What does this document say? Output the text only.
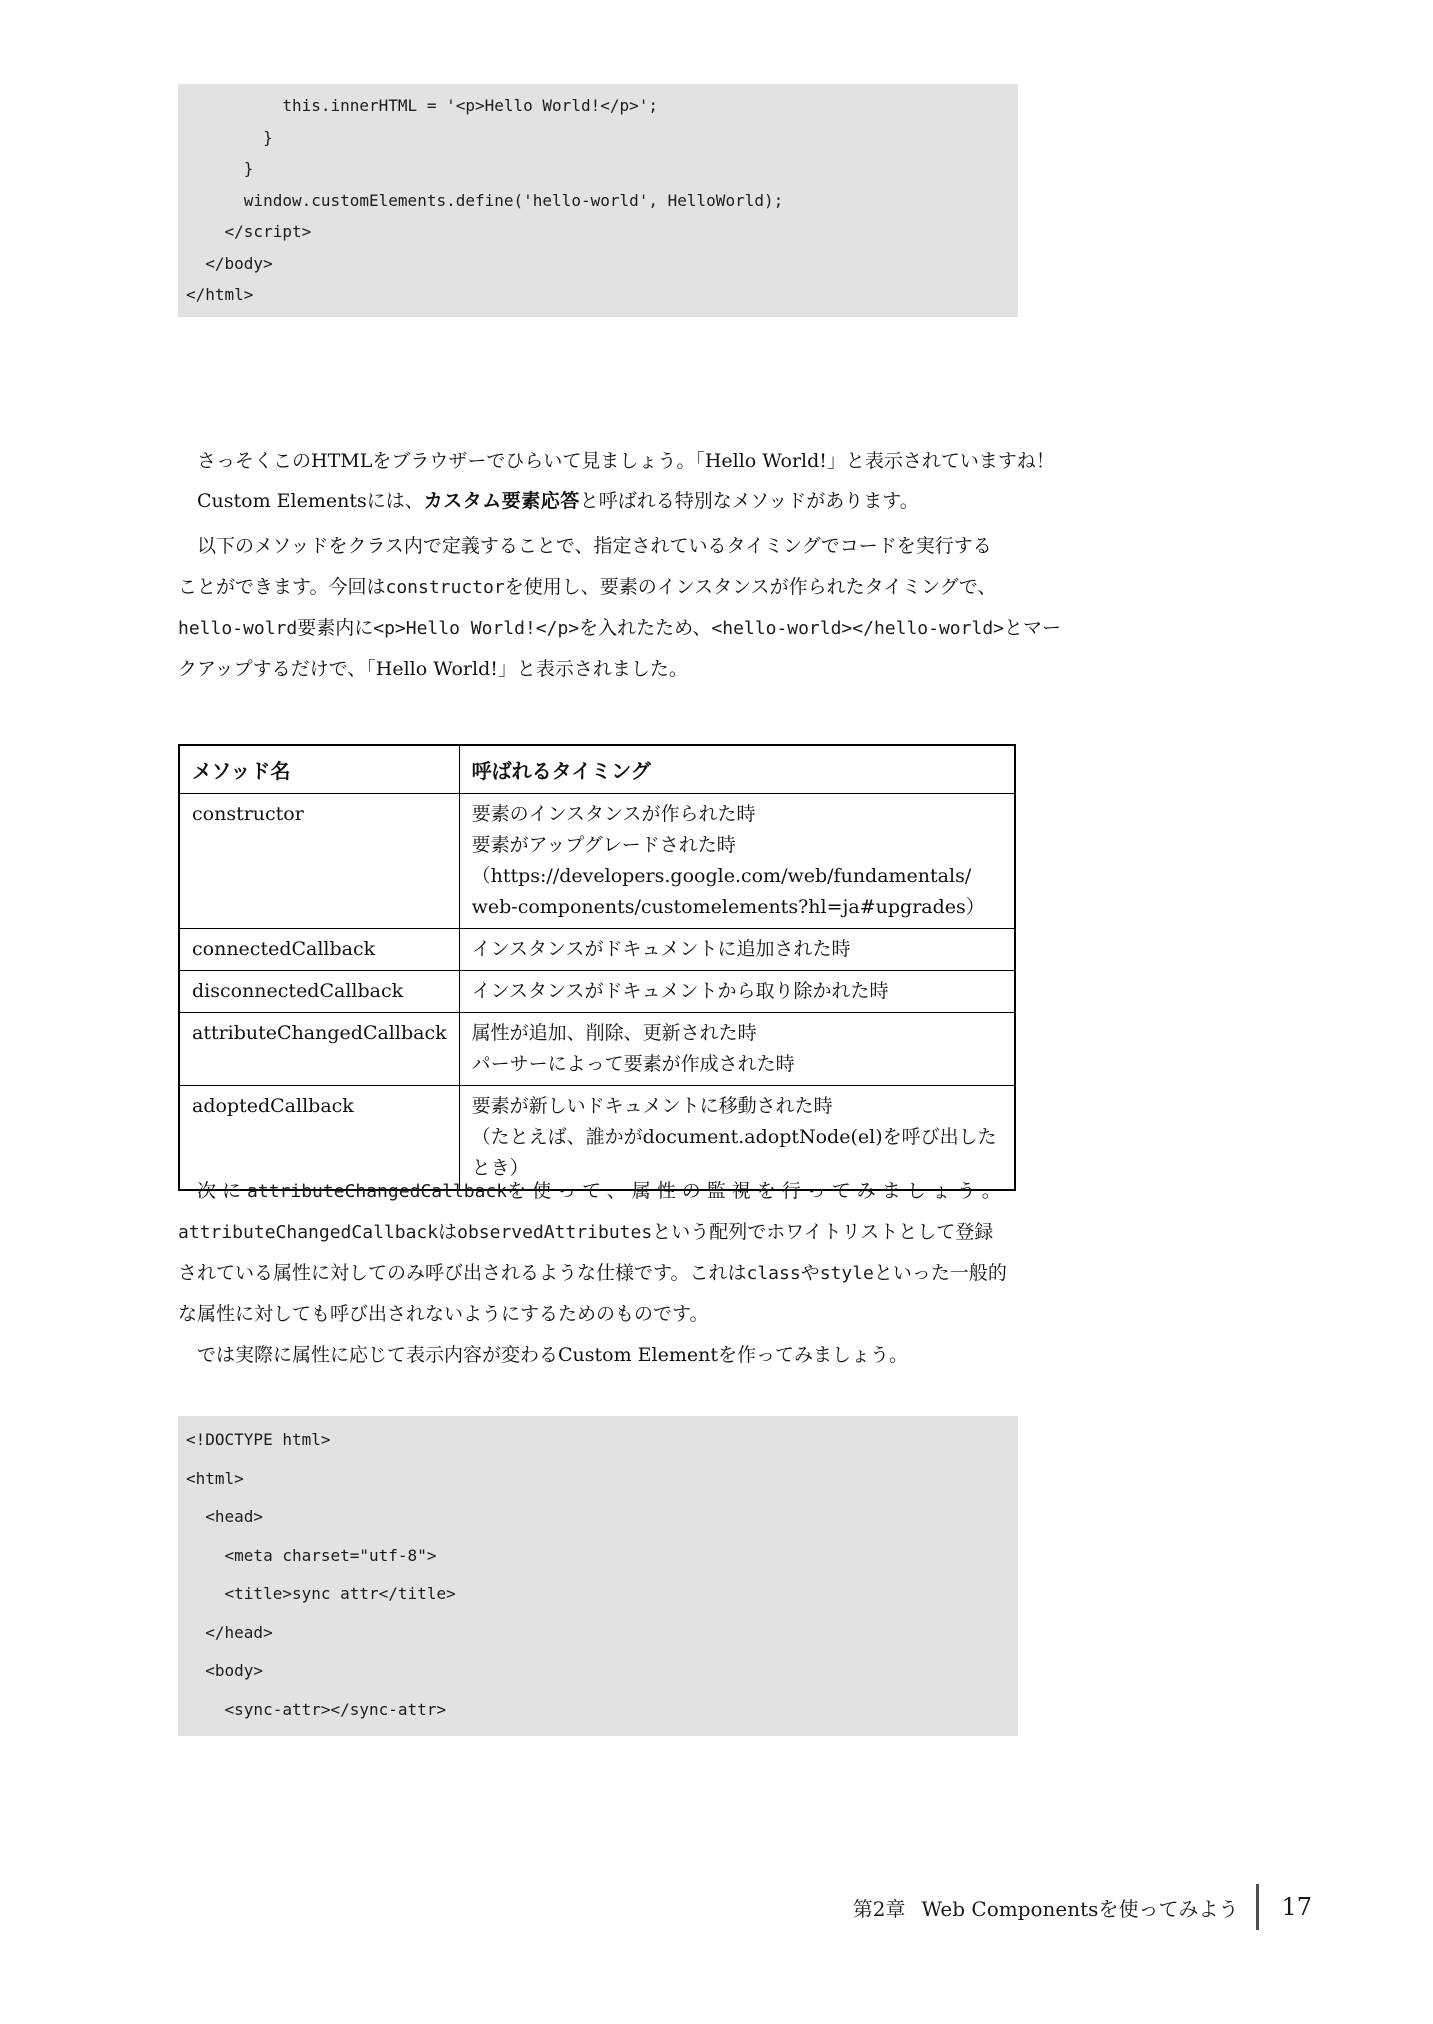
this.innerHTML = '<p>Hello World!</p>';
}
}
window.customElements.define('hello-world', HelloWorld);
</script>
</body>
</html>
さっそくこのHTMLをブラウザーでひらいて見ましょう。「Hello World!」と表示されていますね！
Custom Elementsには、カスタム要素応答と呼ばれる特別なメソッドがあります。
以下のメソッドをクラス内で定義することで、指定されているタイミングでコードを実行する
ことができます。今回はconstructorを使用し、要素のインスタンスが作られたタイミングで、
hello-wolrd要素内に<p>Hello World!</p>を入れたため、<hello-world></hello-world>とマー
クアップするだけで、「Hello World!」と表示されました。
メソッド名	呼ばれるタイミング
constructor	要素のインスタンスが作られた時
要素がアップグレードされた時
（https://developers.google.com/web/fundamentals/
web-components/customelements?hl=ja#upgrades）

connectedCallback	インスタンスがドキュメントに追加された時

disconnectedCallback	インスタンスがドキュメントから取り除かれた時

attributeChangedCallback	属性が追加、削除、更新された時
パーサーによって要素が作成された時

adoptedCallback	要素が新しいドキュメントに移動された時
（たとえば、誰かがdocument.adoptNode(el)を呼び出したとき）
次にattributeChangedCallbackを使って、属性の監視を行ってみましょう。
attributeChangedCallbackはobservedAttributesという配列でホワイトリストとして登録
されている属性に対してのみ呼び出されるような仕様です。これはclassやstyleといった一般的
な属性に対しても呼び出されないようにするためのものです。
では実際に属性に応じて表示内容が変わるCustom Elementを作ってみましょう。
<!DOCTYPE html>
<html>
<head>
<meta charset="utf-8">
<title>sync attr</title>
</head>
<body>
<sync-attr></sync-attr>
第2章 Web Componentsを使ってみよう 17
